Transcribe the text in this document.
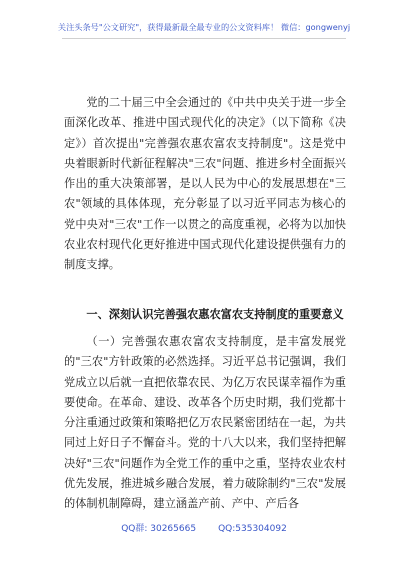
关注头条号"公文研究"，获得最新最全最专业的公文资料库！ 微信：gongwenyj

党的二十届三中全会通过的《中共中央关于进一步全面深化改革、推进中国式现代化的决定》（以下简称《决定》）首次提出"完善强农惠农富农支持制度"。这是党中央着眼新时代新征程解决"三农"问题、推进乡村全面振兴作出的重大决策部署，是以人民为中心的发展思想在"三农"领域的具体体现，充分彰显了以习近平同志为核心的党中央对"三农"工作一以贯之的高度重视，必将为以加快农业农村现代化更好推进中国式现代化建设提供强有力的制度支撑。

一、深刻认识完善强农惠农富农支持制度的重要意义

（一）完善强农惠农富农支持制度，是丰富发展党的"三农"方针政策的必然选择。习近平总书记强调，我们党成立以后就一直把依靠农民、为亿万农民谋幸福作为重要使命。在革命、建设、改革各个历史时期，我们党都十分注重通过政策和策略把亿万农民紧密团结在一起，为共同过上好日子不懈奋斗。党的十八大以来，我们坚持把解决好"三农"问题作为全党工作的重中之重，坚持农业农村优先发展，推进城乡融合发展，着力破除制约"三农"发展的体制机制障碍，建立涵盖产前、产中、产后各

QQ群: 30265665 QQ:535304092
